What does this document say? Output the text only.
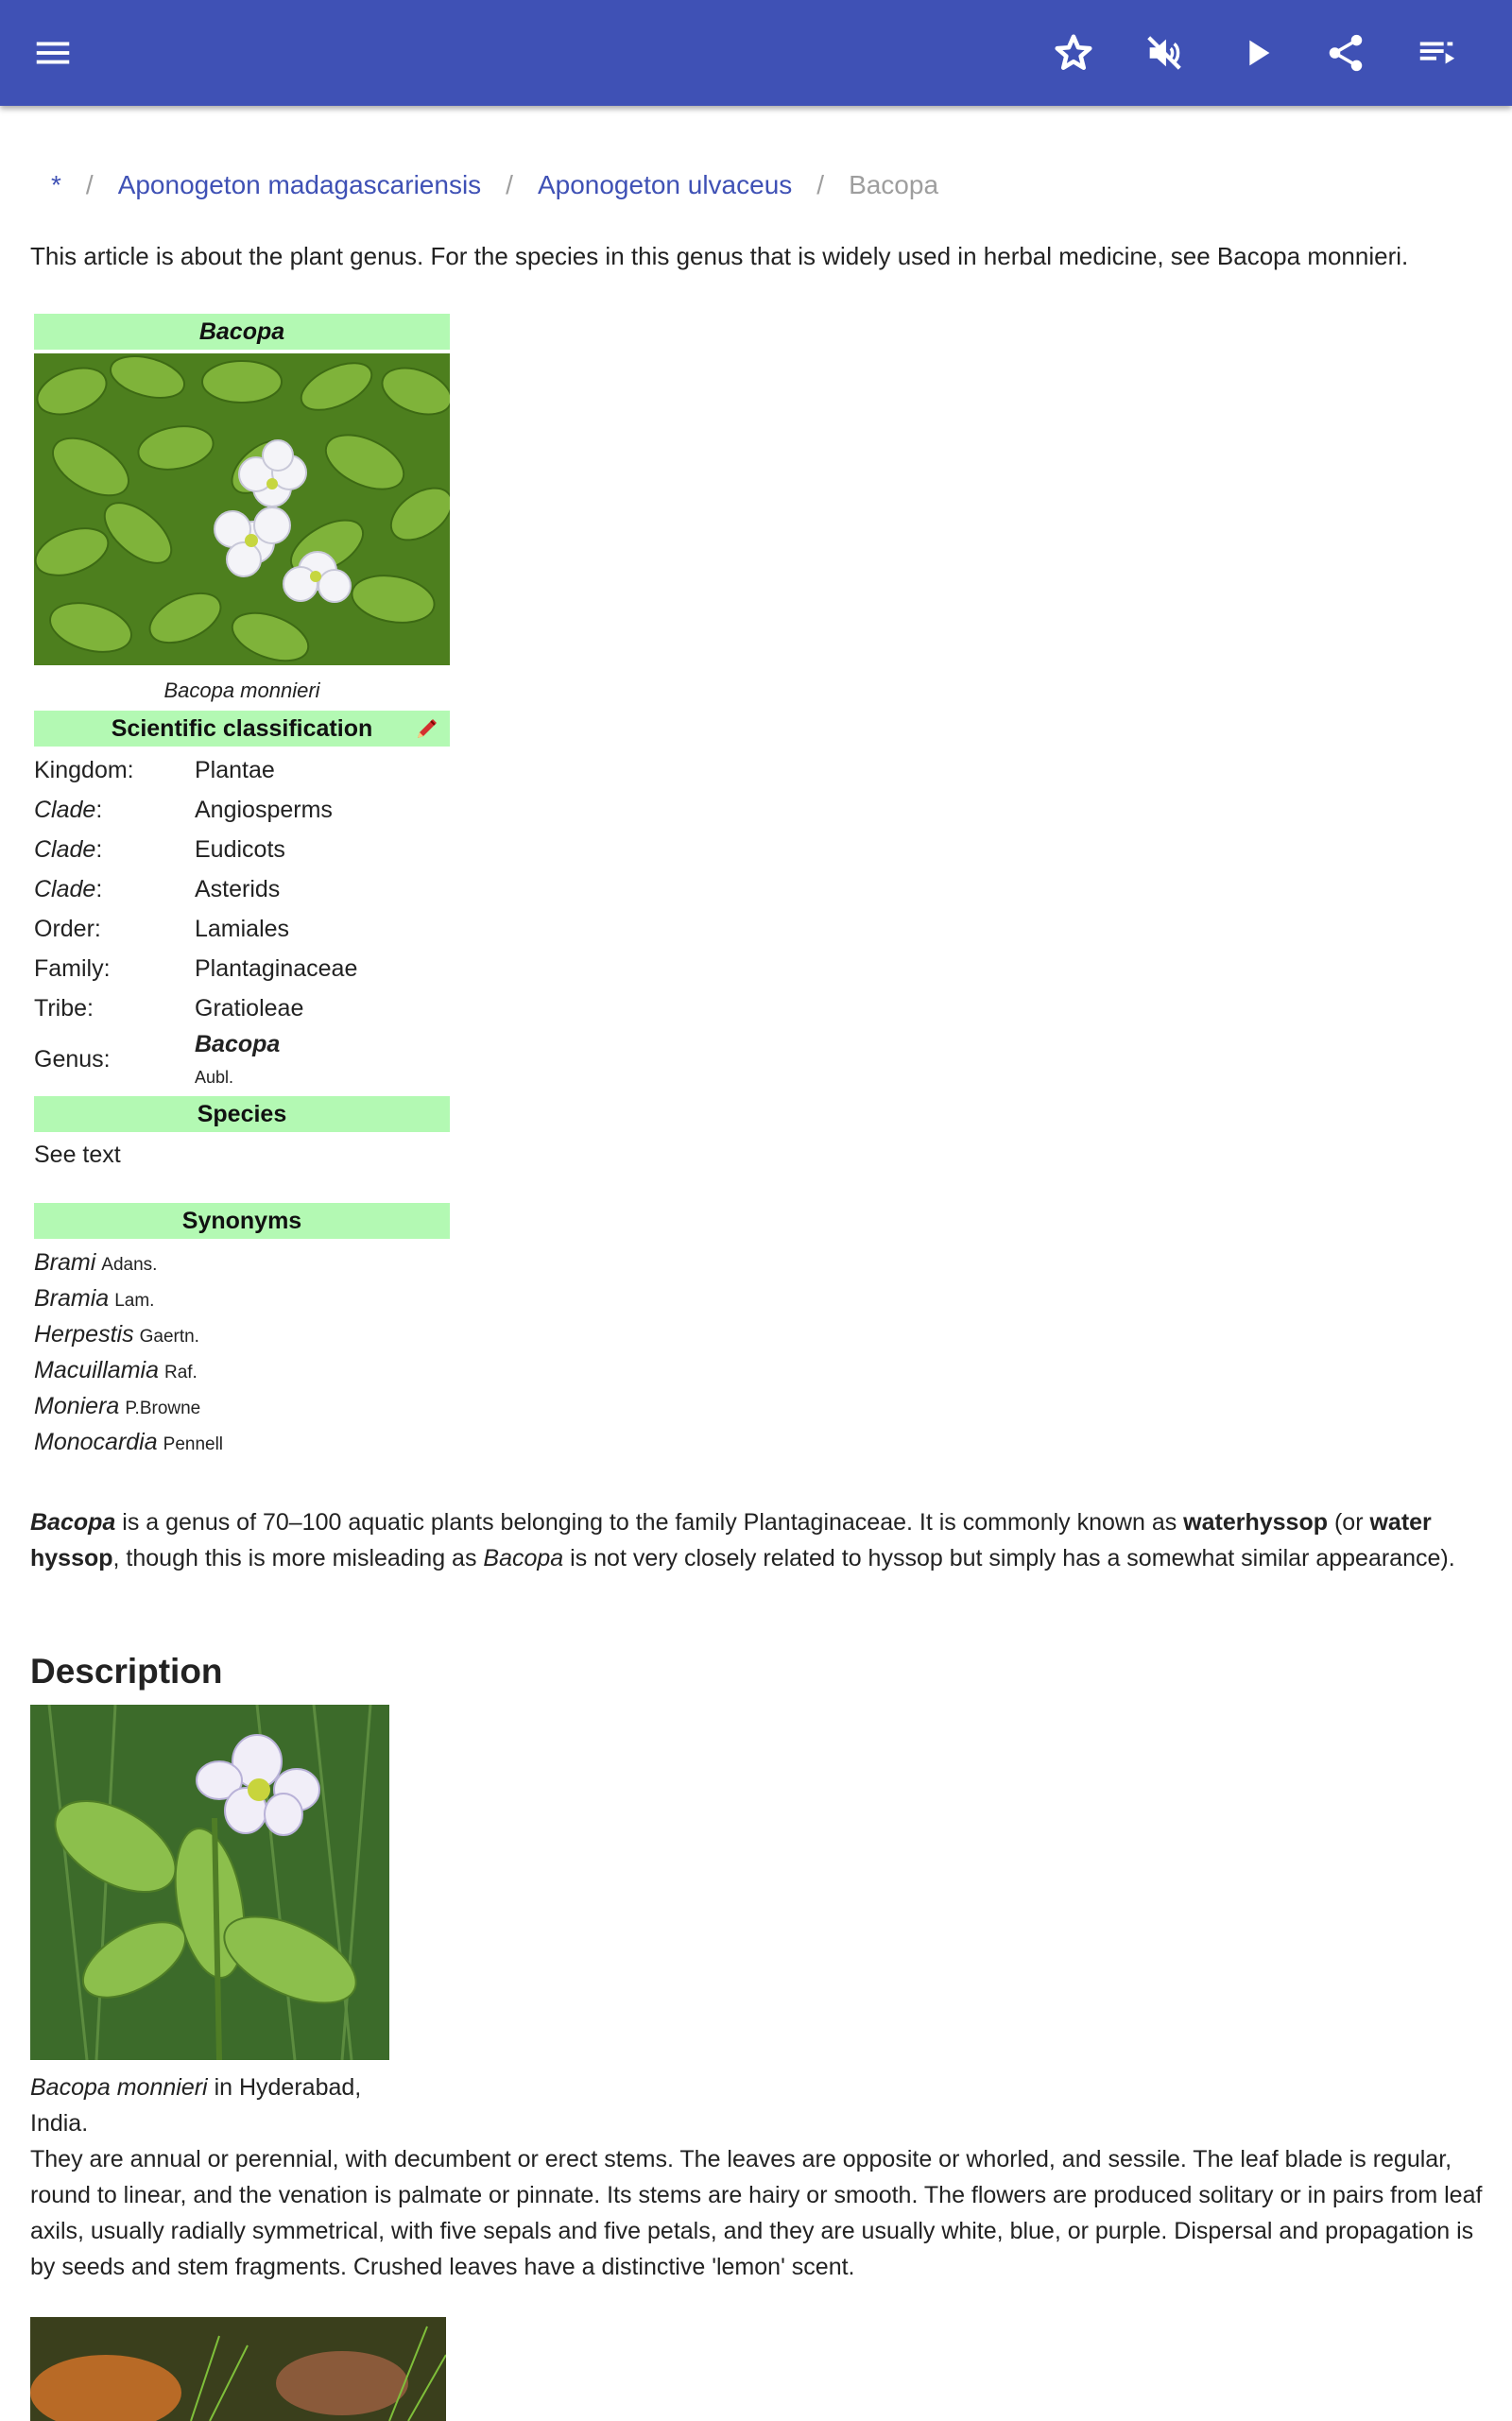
* / Aponogeton madagascariensis / Aponogeton ulvaceus / Bacopa
This article is about the plant genus. For the species in this genus that is widely used in herbal medicine, see Bacopa monnieri.
Bacopa
Bacopa monnieri
Scientific classification
Kingdom:	Plantae
Clade:	Angiosperms
Clade:	Eudicots
Clade:	Asterids
Order:	Lamiales
Family:	Plantaginaceae
Tribe:	Gratioleae
Genus:
Bacopa
Aubl.
Species
See text
Synonyms
Brami Adans.
Bramia Lam.
Herpestis Gaertn.
Macuillamia Raf.
Moniera P.Browne
Monocardia Pennell

Bacopa is a genus of 70–100 aquatic plants belonging to the family Plantaginaceae. It is commonly known as waterhyssop (or water hyssop, though this is more misleading as Bacopa is not very closely related to hyssop but simply has a somewhat similar appearance).

Description
Bacopa monnieri in Hyderabad, India.

They are annual or perennial, with decumbent or erect stems. The leaves are opposite or whorled, and sessile. The leaf blade is regular, round to linear, and the venation is palmate or pinnate. Its stems are hairy or smooth. The flowers are produced solitary or in pairs from leaf axils, usually radially symmetrical, with five sepals and five petals, and they are usually white, blue, or purple. Dispersal and propagation is by seeds and stem fragments. Crushed leaves have a distinctive 'lemon' scent.
